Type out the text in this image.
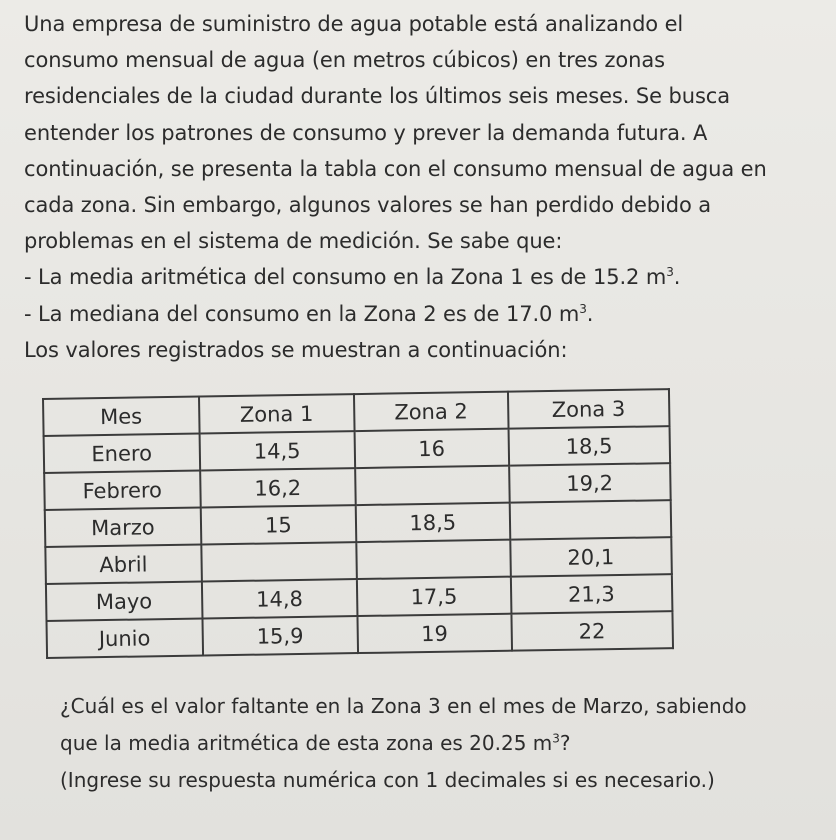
Una empresa de suministro de agua potable está analizando el

consumo mensual de agua (en metros cúbicos) en tres zonas

residenciales de la ciudad durante los últimos seis meses. Se busca

entender los patrones de consumo y prever la demanda futura. A

continuación, se presenta la tabla con el consumo mensual de agua en

cada zona. Sin embargo, algunos valores se han perdido debido a

problemas en el sistema de medición. Se sabe que:

- La media aritmética del consumo en la Zona 1 es de 15.2 $m^3$.

- La mediana del consumo en la Zona 2 es de 17.0 $m^3$.

Los valores registrados se muestran a continuación:

Mes	Zona 1	Zona 2	Zona 3
Enero	14,5	16	18,5
Febrero	16,2		19,2
Marzo	15	18,5	
Abril			20,1
Mayo	14,8	17,5	21,3
Junio	15,9	19	22

¿Cuál es el valor faltante en la Zona 3 en el mes de Marzo, sabiendo

que la media aritmética de esta zona es 20.25 $m^3$?

(Ingrese su respuesta numérica con 1 decimales si es necesario.)
